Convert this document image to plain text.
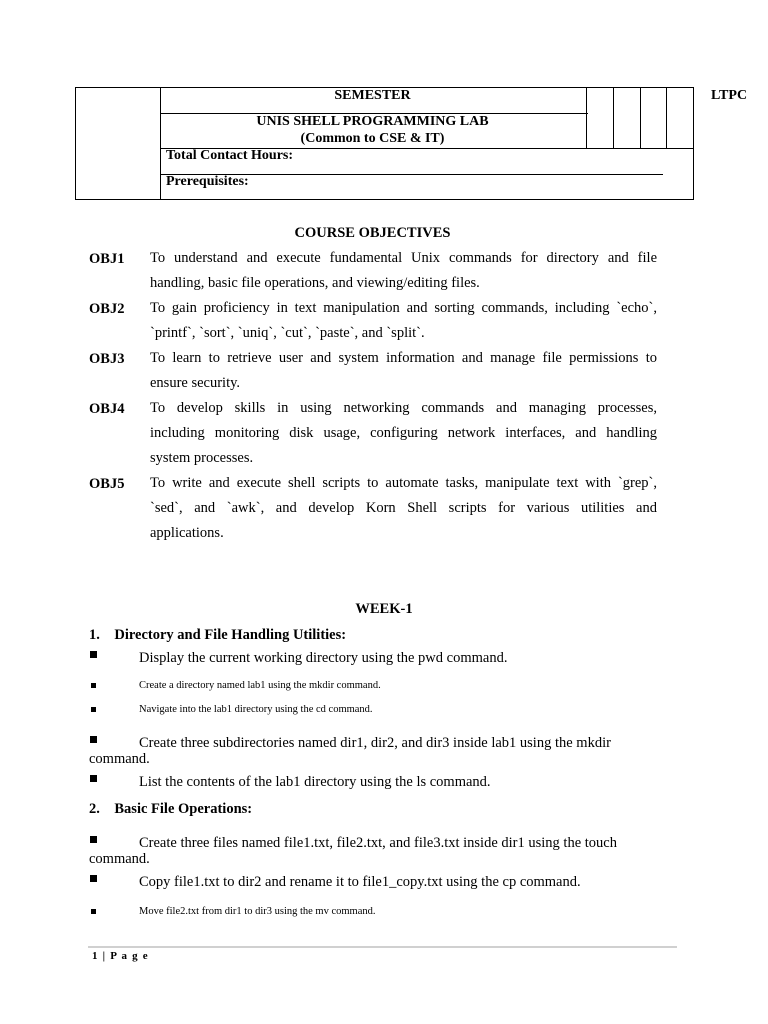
SEMESTER
UNIS SHELL PROGRAMMING LAB
(Common to CSE & IT)
Total Contact Hours:
Prerequisites:
LTPC
COURSE OBJECTIVES
OBJ1 To understand and execute fundamental Unix commands for directory and file
handling, basic file operations, and viewing/editing files.
OBJ2 To gain proficiency in text manipulation and sorting commands, including `echo`,
`printf`, `sort`, `uniq`, `cut`, `paste`, and `split`.
OBJ3 To learn to retrieve user and system information and manage file permissions to
ensure security.
OBJ4 To develop skills in using networking commands and managing processes,
including monitoring disk usage, configuring network interfaces, and handling
system processes.
OBJ5 To write and execute shell scripts to automate tasks, manipulate text with `grep`,
`sed`, and `awk`, and develop Korn Shell scripts for various utilities and
applications.
WEEK-1
1.    Directory and File Handling Utilities:
Display the current working directory using the pwd command.
Create a directory named lab1 using the mkdir command.
Navigate into the lab1 directory using the cd command.
Create three subdirectories named dir1, dir2, and dir3 inside lab1 using the mkdir
command.
List the contents of the lab1 directory using the ls command.
2.    Basic File Operations:
Create three files named file1.txt, file2.txt, and file3.txt inside dir1 using the touch
command.
Copy file1.txt to dir2 and rename it to file1_copy.txt using the cp command.
Move file2.txt from dir1 to dir3 using the mv command.
1 | P a g e
